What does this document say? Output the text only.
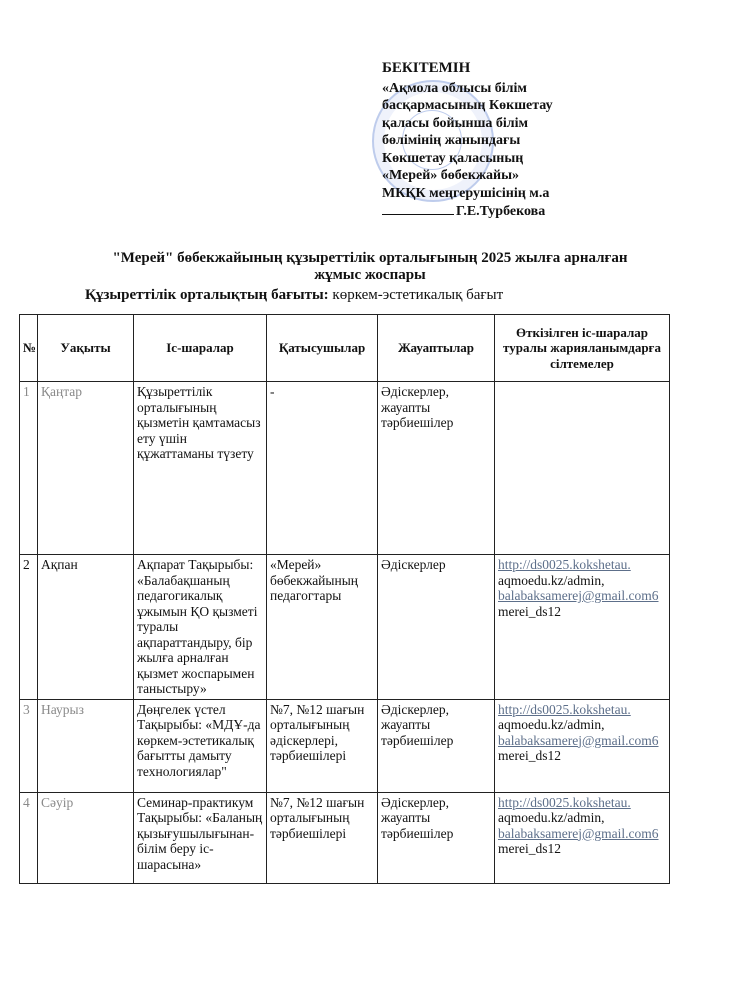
БЕКІТЕМІН
«Ақмола облысы білім
басқармасының Көкшетау
қаласы бойынша білім
бөлімінің жанындағы
Көкшетау қаласының
«Мерей» бөбекжайы»
МКҚК меңгерушісінің м.а
Г.Е.Турбекова
"Мерей" бөбекжайының құзыреттілік орталығының 2025 жылға арналған жұмыс жоспары
Құзыреттілік орталықтың бағыты: көркем-эстетикалық бағыт
№	Уақыты	Іс-шаралар	Қатысушылар	Жауаптылар	Өткізілген іс-шаралар туралы жарияланымдарға сілтемелер
1	Қаңтар	Құзыреттілік орталығының қызметін қамтамасыз ету үшін құжаттаманы түзету	-	Әдіскерлер, жауапты тәрбиешілер	
2	Ақпан	Ақпарат Тақырыбы: «Балабақшаның педагогикалық ұжымын ҚО қызметі туралы ақпараттандыру, бір жылға арналған қызмет жоспарымен таныстыру»	«Мерей» бөбекжайының педагогтары	Әдіскерлер	http://ds0025.kokshetau.
aqmoedu.kz/admin,
balabaksamerej@gmail.com6
merei_ds12

3	Наурыз	Дөңгелек үстел Тақырыбы: «МДҰ-да көркем-эстетикалық бағытты дамыту технологиялар"	№7, №12 шағын орталығының әдіскерлері, тәрбиешілері	Әдіскерлер, жауапты тәрбиешілер	http://ds0025.kokshetau.
aqmoedu.kz/admin,
balabaksamerej@gmail.com6
merei_ds12

4	Сәуір	Семинар-практикум Тақырыбы: «Баланың қызығушылығынан-білім беру іс-шарасына»	№7, №12 шағын орталығының тәрбиешілері	Әдіскерлер, жауапты тәрбиешілер	http://ds0025.kokshetau.
aqmoedu.kz/admin,
balabaksamerej@gmail.com6
merei_ds12
